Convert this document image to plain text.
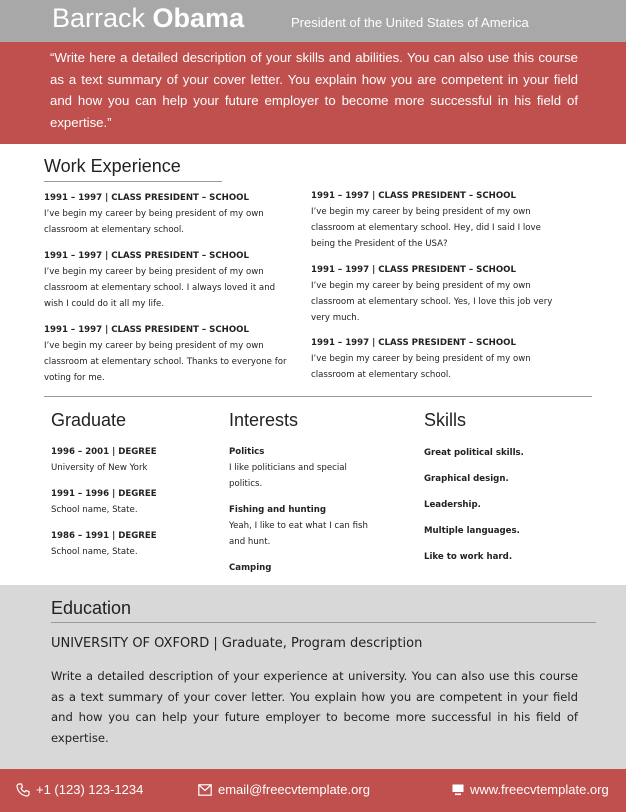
Barrack Obama	President of the United States of America

“Write here a detailed description of your skills and abilities. You can also use this course as a text summary of your cover letter. You explain how you are competent in your field and how you can help your future employer to become more successful in his field of expertise.”

Work Experience
1991 – 1997 | CLASS PRESIDENT – SCHOOL
I’ve begin my career by being president of my own classroom at elementary school.
1991 – 1997 | CLASS PRESIDENT – SCHOOL
I’ve begin my career by being president of my own classroom at elementary school. I always loved it and wish I could do it all my life.
1991 – 1997 | CLASS PRESIDENT – SCHOOL
I’ve begin my career by being president of my own classroom at elementary school. Thanks to everyone for voting for me.
1991 – 1997 | CLASS PRESIDENT – SCHOOL
I’ve begin my career by being president of my own classroom at elementary school. Hey, did I said I love being the President of the USA?
1991 – 1997 | CLASS PRESIDENT – SCHOOL
I’ve begin my career by being president of my own classroom at elementary school. Yes, I love this job very very much.
1991 – 1997 | CLASS PRESIDENT – SCHOOL
I’ve begin my career by being president of my own classroom at elementary school.
Graduate
1996 – 2001 | DEGREE
University of New York
1991 – 1996 | DEGREE
School name, State.
1986 – 1991 | DEGREE
School name, State.
Interests
Politics
I like politicians and special politics.
Fishing and hunting
Yeah, I like to eat what I can fish and hunt.
Camping
Skills
Great political skills.
Graphical design.
Leadership.
Multiple languages.
Like to work hard.
Education
UNIVERSITY OF OXFORD | Graduate, Program description
Write a detailed description of your experience at university. You can also use this course as a text summary of your cover letter. You explain how you are competent in your field and how you can help your future employer to become more successful in his field of expertise.
+1 (123) 123-1234	email@freecvtemplate.org	www.freecvtemplate.org
